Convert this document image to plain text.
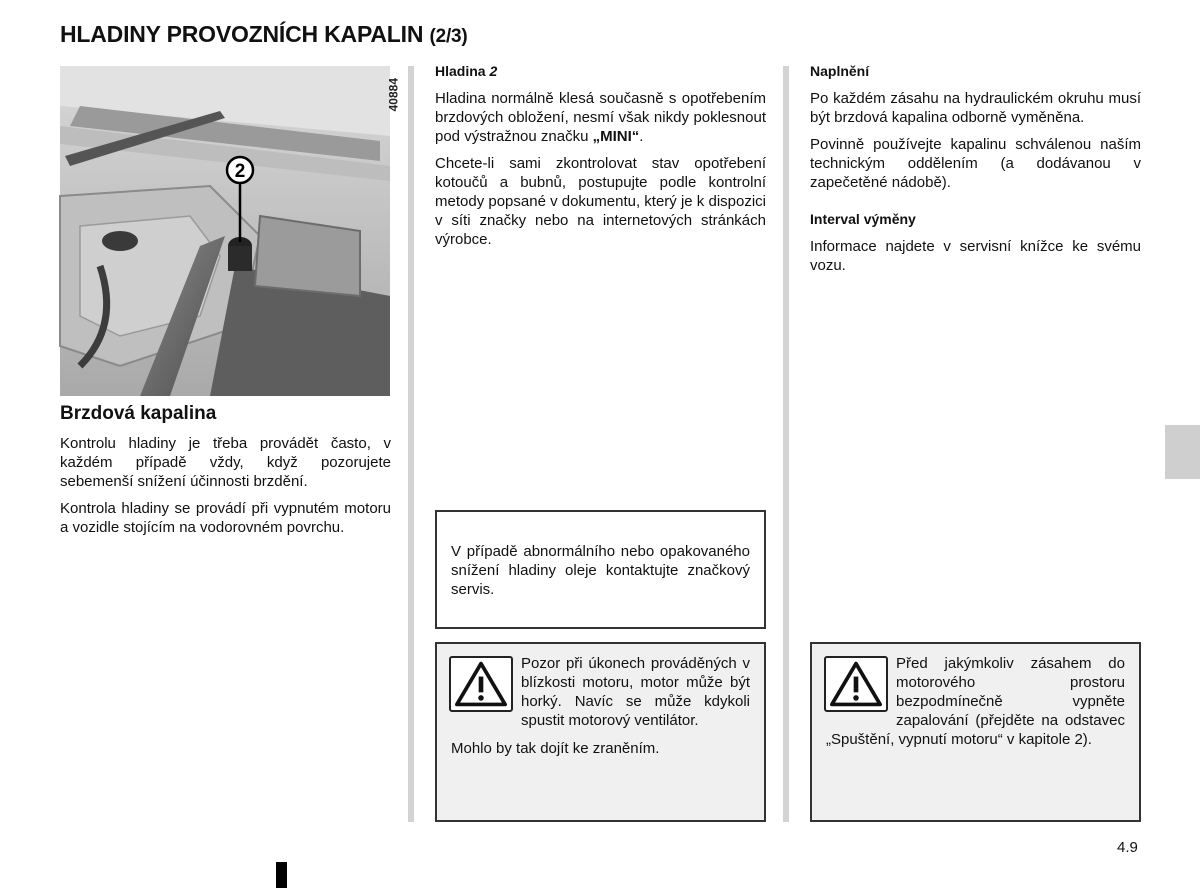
HLADINY PROVOZNÍCH KAPALIN (2/3)
2
40884
Brzdová kapalina

Kontrolu hladiny je třeba provádět často, v každém případě vždy, když pozorujete sebemenší snížení účinnosti brzdění.

Kontrola hladiny se provádí při vypnutém motoru a vozidle stojícím na vodorovném povrchu.

Hladina 2

Hladina normálně klesá současně s opotřebením brzdových obložení, nesmí však nikdy poklesnout pod výstražnou značku „MINI“.

Chcete-li sami zkontrolovat stav opotřebení kotoučů a bubnů, postupujte podle kontrolní metody popsané v dokumentu, který je k dispozici v síti značky nebo na internetových stránkách výrobce.

V případě abnormálního nebo opakovaného snížení hladiny oleje kontaktujte značkový servis.

Pozor při úkonech prováděných v blízkosti motoru, motor může být horký. Navíc se může kdykoli spustit motorový ventilátor.

Mohlo by tak dojít ke zraněním.

Naplnění

Po každém zásahu na hydraulickém okruhu musí být brzdová kapalina odborně vyměněna.

Povinně používejte kapalinu schválenou naším technickým oddělením (a dodávanou v zapečetěné nádobě).

Interval výměny

Informace najdete v servisní knížce ke svému vozu.

Před jakýmkoliv zásahem do motorového prostoru bezpodmínečně vypněte zapalování (přejděte na odstavec „Spuštění, vypnutí motoru“ v kapitole 2).

4.9
